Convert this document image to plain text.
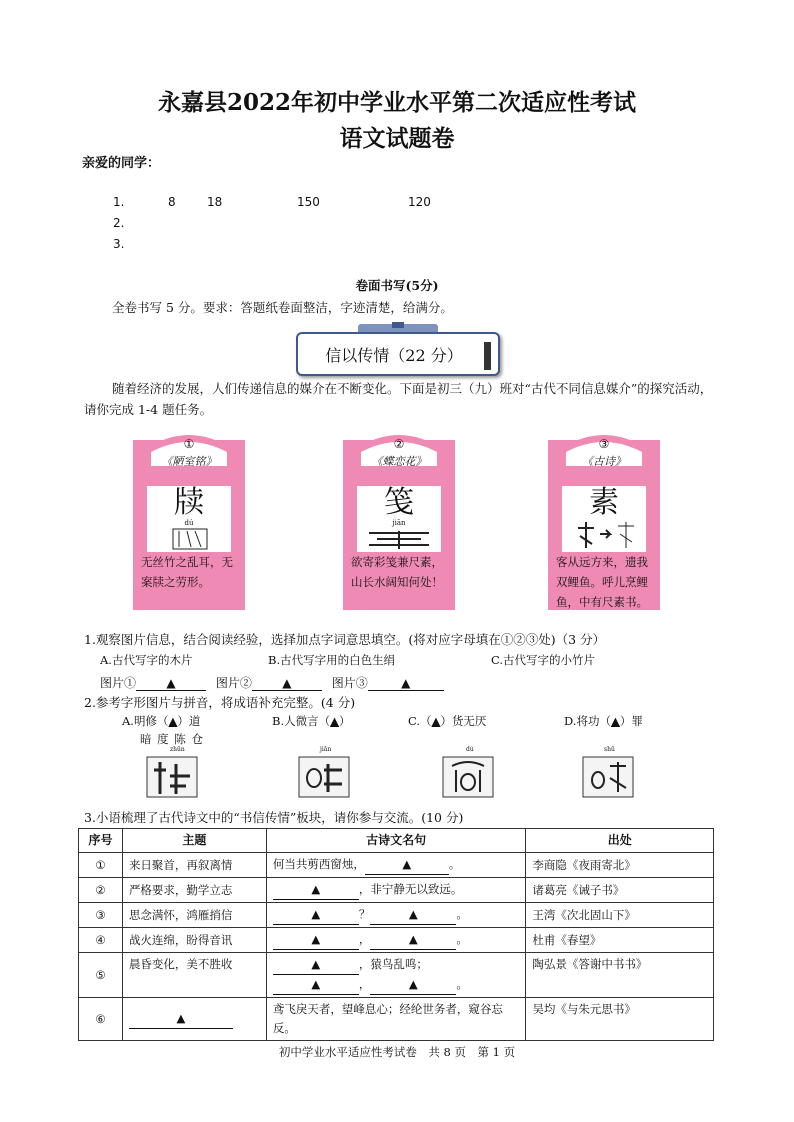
永嘉县2022年初中学业水平第二次适应性考试
语文试题卷
亲爱的同学：
1.	8	18	150	120
2.
3.
卷面书写(5分)
全卷书写 5 分。要求：答题纸卷面整洁，字迹清楚，给满分。
信以传情（22 分）
随着经济的发展，人们传递信息的媒介在不断变化。下面是初三（九）班对“古代不同信息媒介”的探究活动，请你完成 1-4 题任务。
①
《陋室铭》
牍
dú
无丝竹之乱耳，无案牍之劳形。
②
《蝶恋花》
笺
jiān
欲寄彩笺兼尺素，山长水阔知何处！
③
《古诗》
素
客从远方来，遗我双鲤鱼。呼儿烹鲤鱼，中有尺素书。
1.观察图片信息，结合阅读经验，选择加点字词意思填空。(将对应字母填在①②③处)（3 分）
A.古代写字的木片	B.古代写字用的白色生绢	C.古代写字的小竹片
图片①	▲	图片②	▲	图片③	▲
2.参考字形图片与拼音，将成语补充完整。(4 分)
A.明修（▲）道	B.人微言（▲）	C.（▲）货无厌	D.将功（▲）罪
暗 度 陈 仓
zhūn	jiān	dú	shū
3.小语梳理了古代诗文中的“书信传情”板块，请你参与交流。(10 分)
序号	主题	古诗文名句	出处
①	来日聚首，再叙离情	何当共剪西窗烛， ▲ 。	李商隐《夜雨寄北》
②	严格要求，勤学立志	▲ ，非宁静无以致远。	诸葛亮《诫子书》
③	思念满怀，鸿雁捎信	▲ ？ ▲ 。	王湾《次北固山下》
④	战火连绵，盼得音讯	▲ ， ▲ 。	杜甫《春望》
⑤	晨昏变化，美不胜收	▲ ，猿鸟乱鸣；
▲ ， ▲ 。	陶弘景《答谢中书书》
⑥	▲	鸢飞戾天者，望峰息心；经纶世务者，窥谷忘反。	吴均《与朱元思书》
初中学业水平适应性考试卷　共 8 页　第 1 页
